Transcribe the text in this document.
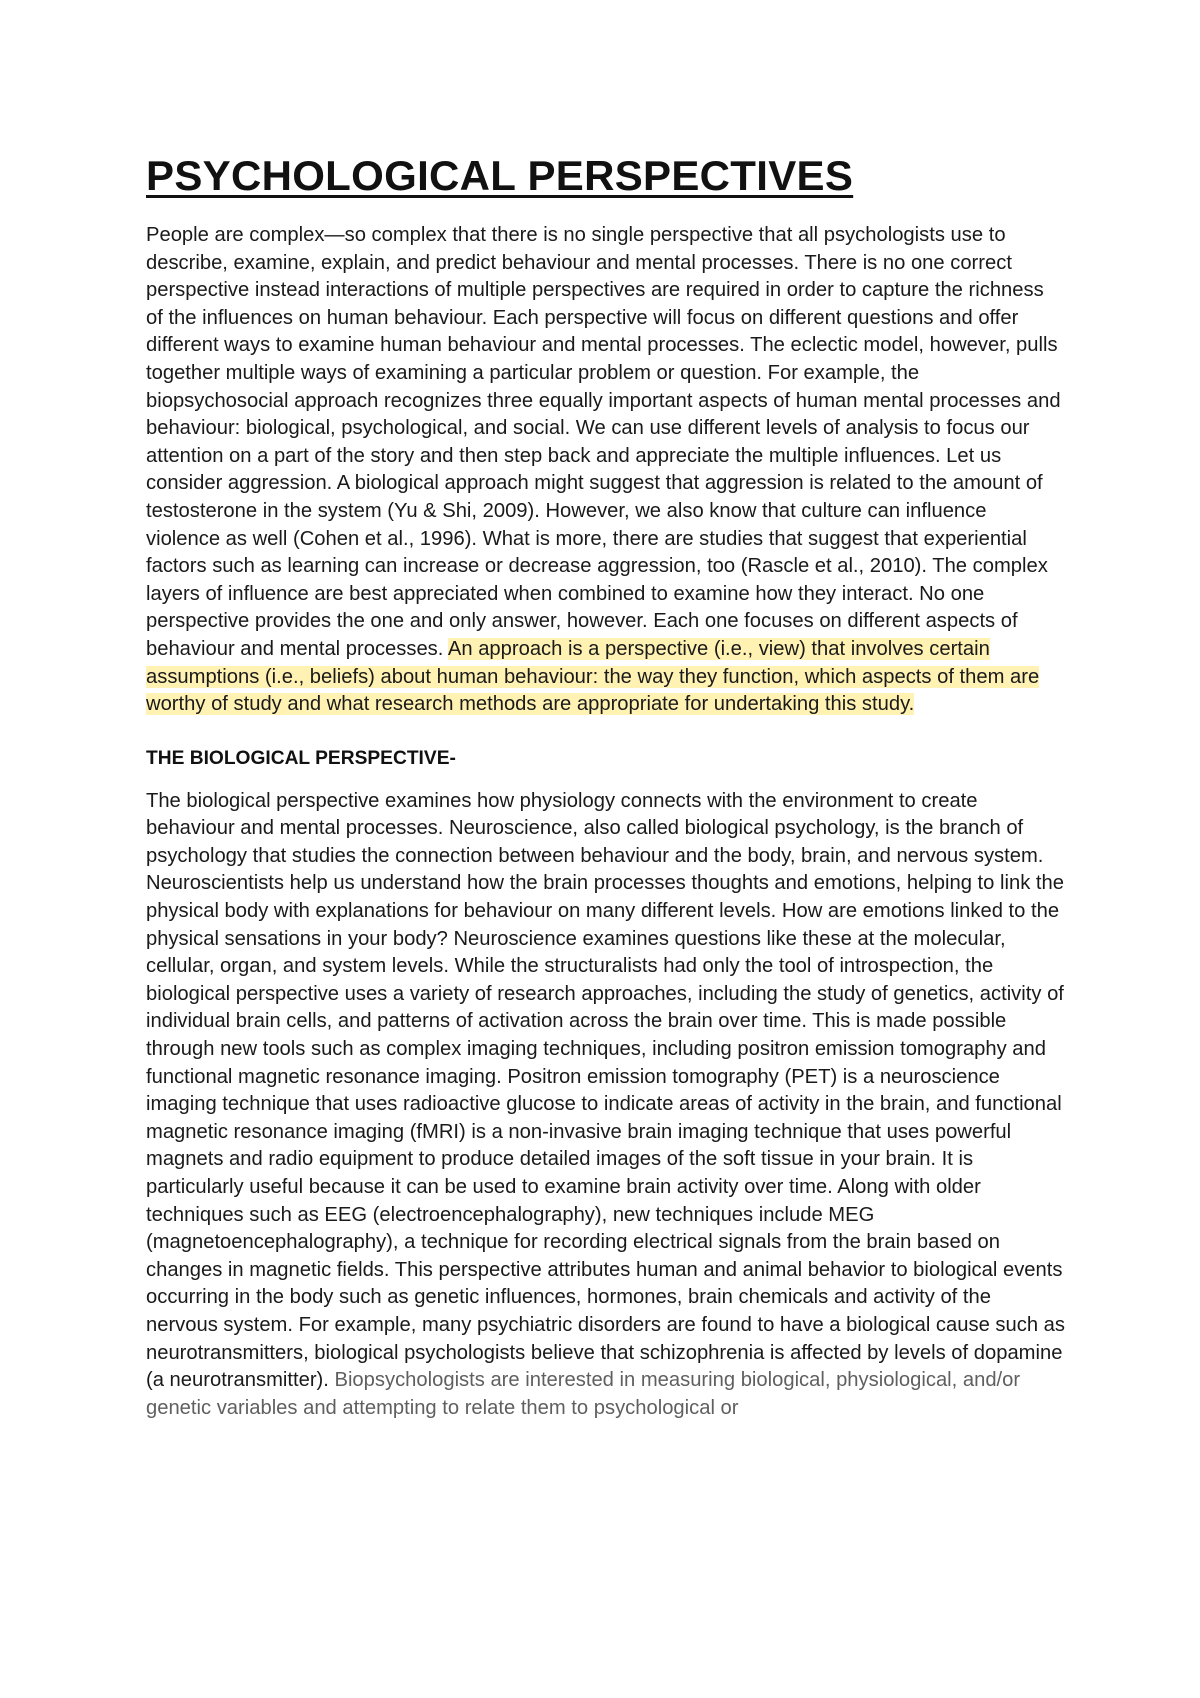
PSYCHOLOGICAL PERSPECTIVES

People are complex—so complex that there is no single perspective that all psychologists use to describe, examine, explain, and predict behaviour and mental processes. There is no one correct perspective instead interactions of multiple perspectives are required in order to capture the richness of the influences on human behaviour. Each perspective will focus on different questions and offer different ways to examine human behaviour and mental processes. The eclectic model, however, pulls together multiple ways of examining a particular problem or question. For example, the biopsychosocial approach recognizes three equally important aspects of human mental processes and behaviour: biological, psychological, and social. We can use different levels of analysis to focus our attention on a part of the story and then step back and appreciate the multiple influences. Let us consider aggression. A biological approach might suggest that aggression is related to the amount of testosterone in the system (Yu & Shi, 2009). However, we also know that culture can influence violence as well (Cohen et al., 1996). What is more, there are studies that suggest that experiential factors such as learning can increase or decrease aggression, too (Rascle et al., 2010). The complex layers of influence are best appreciated when combined to examine how they interact. No one perspective provides the one and only answer, however. Each one focuses on different aspects of behaviour and mental processes. An approach is a perspective (i.e., view) that involves certain assumptions (i.e., beliefs) about human behaviour: the way they function, which aspects of them are worthy of study and what research methods are appropriate for undertaking this study.

THE BIOLOGICAL PERSPECTIVE-

The biological perspective examines how physiology connects with the environment to create behaviour and mental processes. Neuroscience, also called biological psychology, is the branch of psychology that studies the connection between behaviour and the body, brain, and nervous system. Neuroscientists help us understand how the brain processes thoughts and emotions, helping to link the physical body with explanations for behaviour on many different levels. How are emotions linked to the physical sensations in your body? Neuroscience examines questions like these at the molecular, cellular, organ, and system levels. While the structuralists had only the tool of introspection, the biological perspective uses a variety of research approaches, including the study of genetics, activity of individual brain cells, and patterns of activation across the brain over time. This is made possible through new tools such as complex imaging techniques, including positron emission tomography and functional magnetic resonance imaging. Positron emission tomography (PET) is a neuroscience imaging technique that uses radioactive glucose to indicate areas of activity in the brain, and functional magnetic resonance imaging (fMRI) is a non-invasive brain imaging technique that uses powerful magnets and radio equipment to produce detailed images of the soft tissue in your brain. It is particularly useful because it can be used to examine brain activity over time. Along with older techniques such as EEG (electroencephalography), new techniques include MEG (magnetoencephalography), a technique for recording electrical signals from the brain based on changes in magnetic fields. This perspective attributes human and animal behavior to biological events occurring in the body such as genetic influences, hormones, brain chemicals and activity of the nervous system. For example, many psychiatric disorders are found to have a biological cause such as neurotransmitters, biological psychologists believe that schizophrenia is affected by levels of dopamine (a neurotransmitter). Biopsychologists are interested in measuring biological, physiological, and/or genetic variables and attempting to relate them to psychological or
